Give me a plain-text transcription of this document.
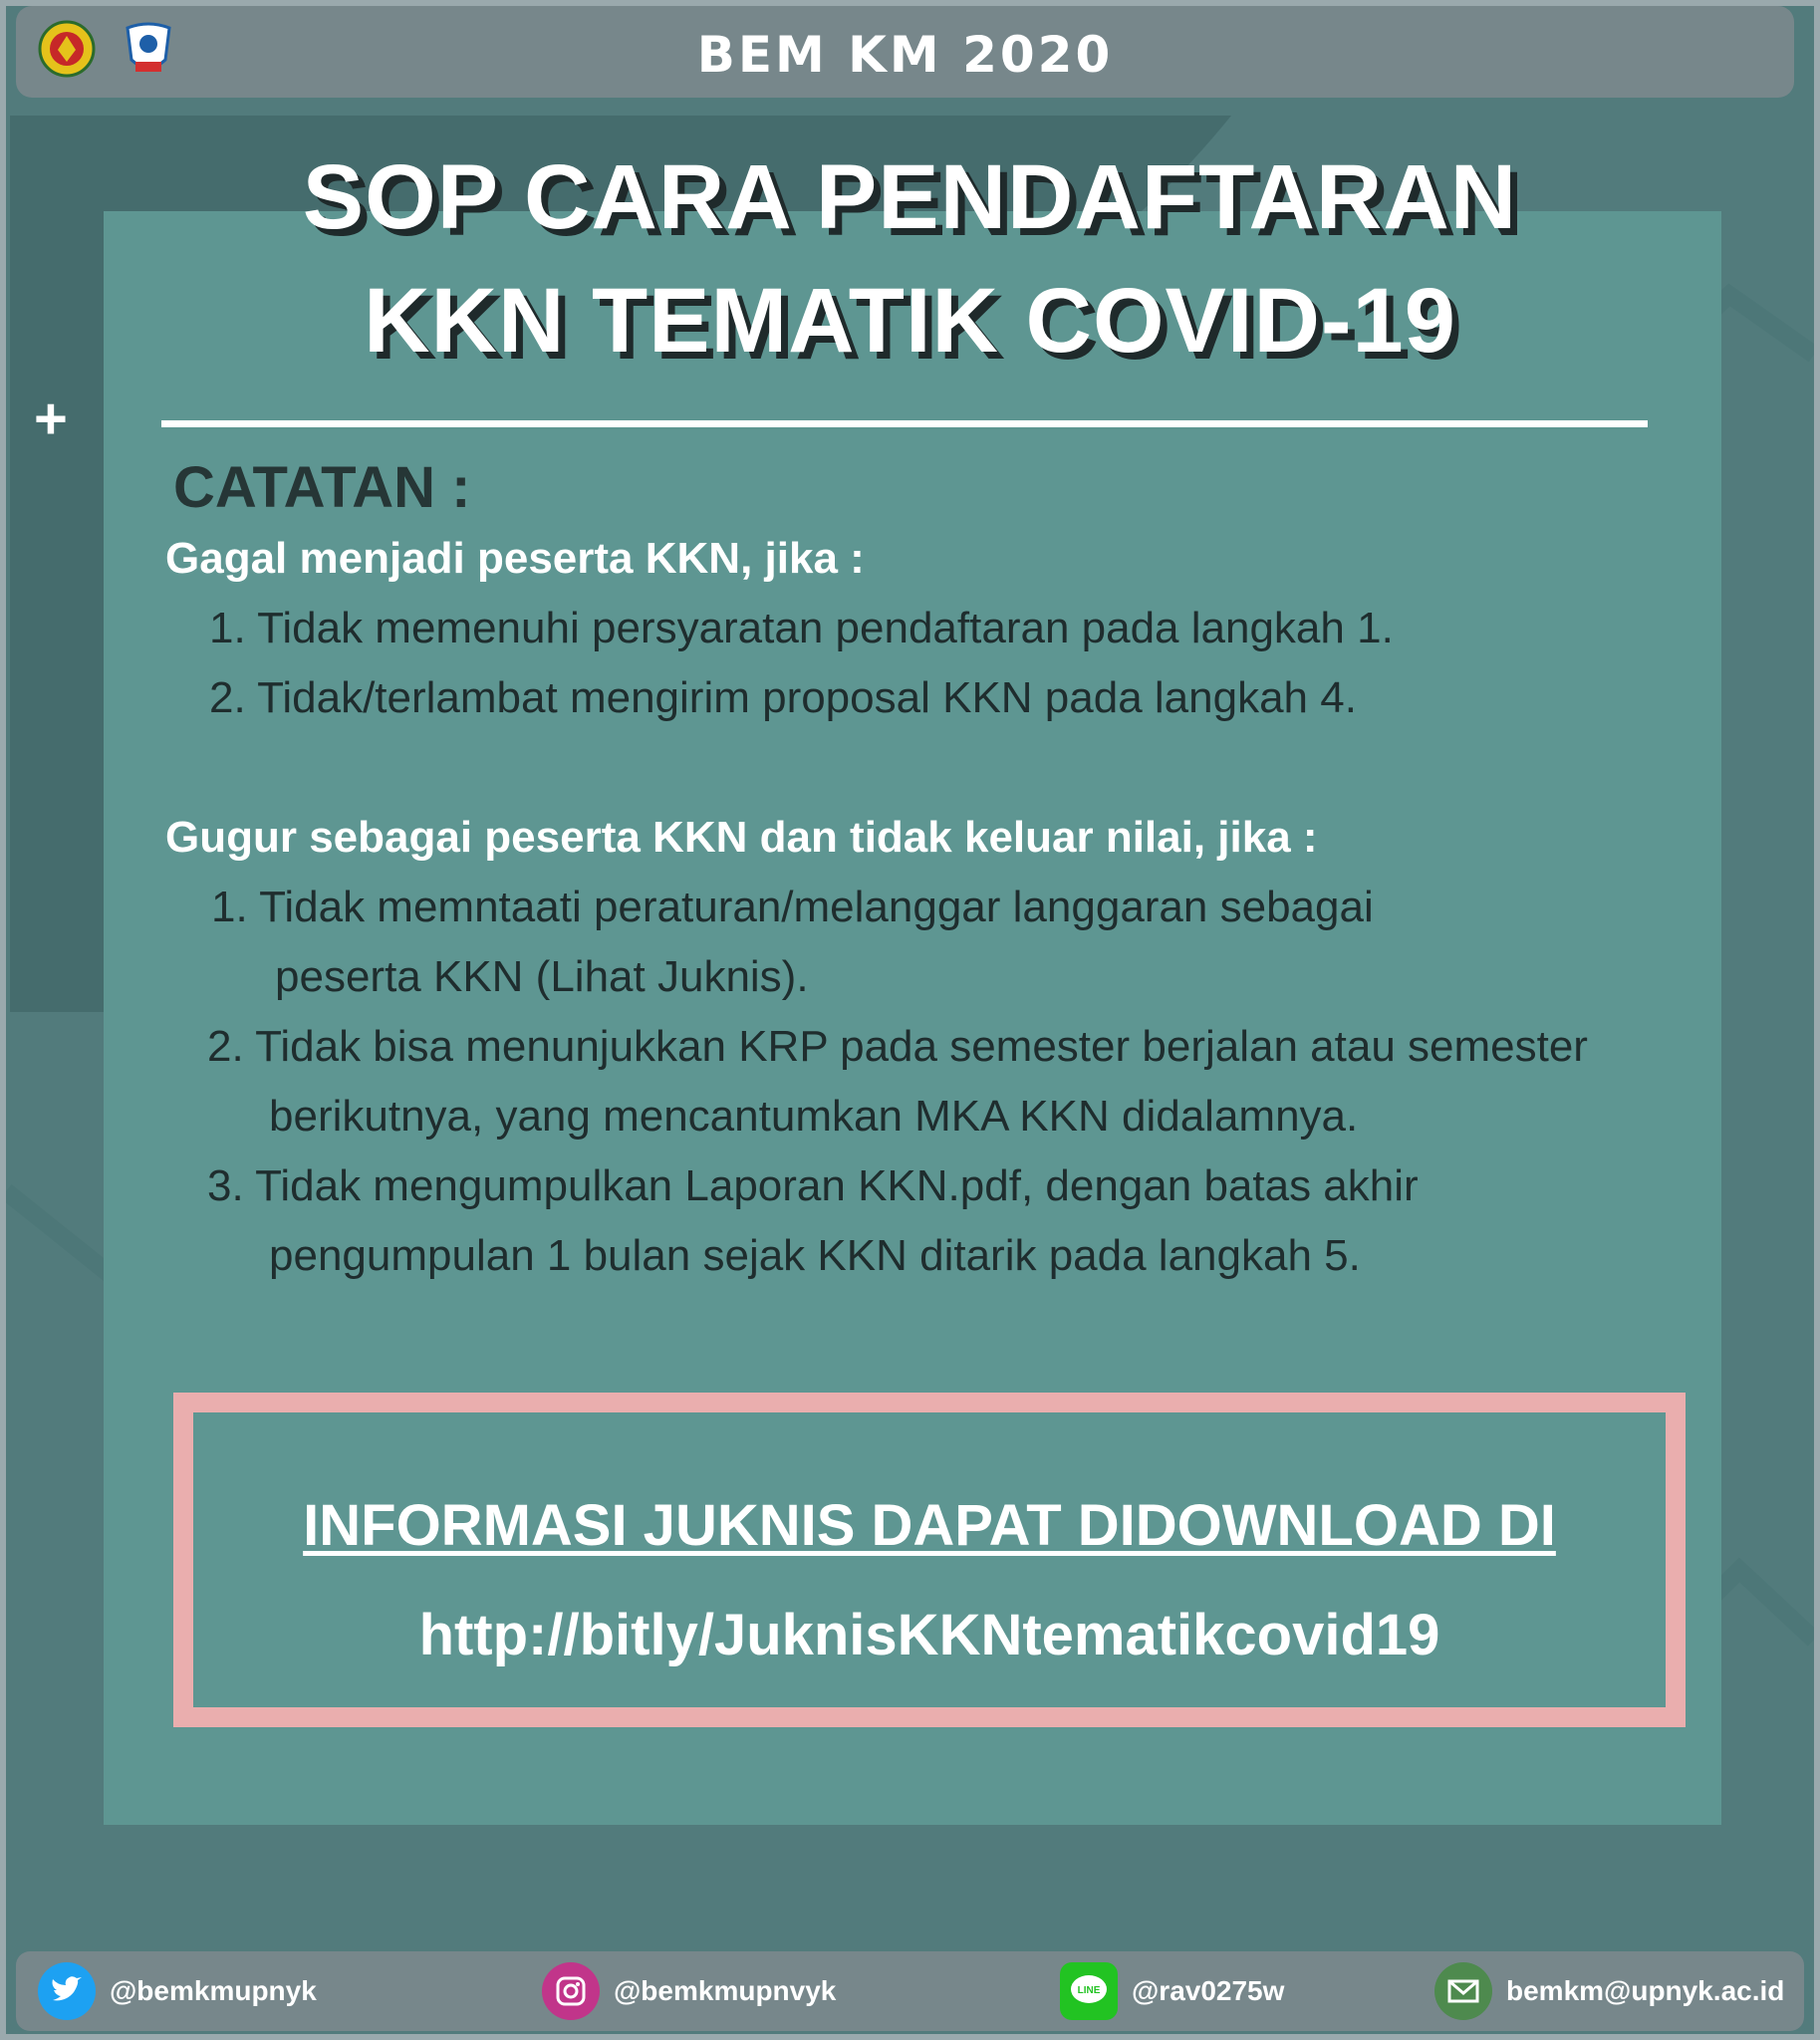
BEM KM 2020
+
SOP CARA PENDAFTARAN
KKN TEMATIK COVID-19
CATATAN :
Gagal menjadi peserta KKN, jika :
1. Tidak memenuhi persyaratan pendaftaran pada langkah 1.
2. Tidak/terlambat mengirim proposal KKN pada langkah 4.
Gugur sebagai peserta KKN dan tidak keluar nilai, jika :
1. Tidak memntaati peraturan/melanggar langgaran sebagai
peserta KKN (Lihat Juknis).
2. Tidak bisa menunjukkan KRP pada semester berjalan atau semester
berikutnya, yang mencantumkan MKA KKN didalamnya.
3. Tidak mengumpulkan Laporan KKN.pdf, dengan batas akhir
pengumpulan 1 bulan sejak KKN ditarik pada langkah 5.
INFORMASI JUKNIS DAPAT DIDOWNLOAD DI
http://bitly/JuknisKKNtematikcovid19
@bemkmupnyk	@bemkmupnvyk	LINE @rav0275w	bemkm@upnyk.ac.id
